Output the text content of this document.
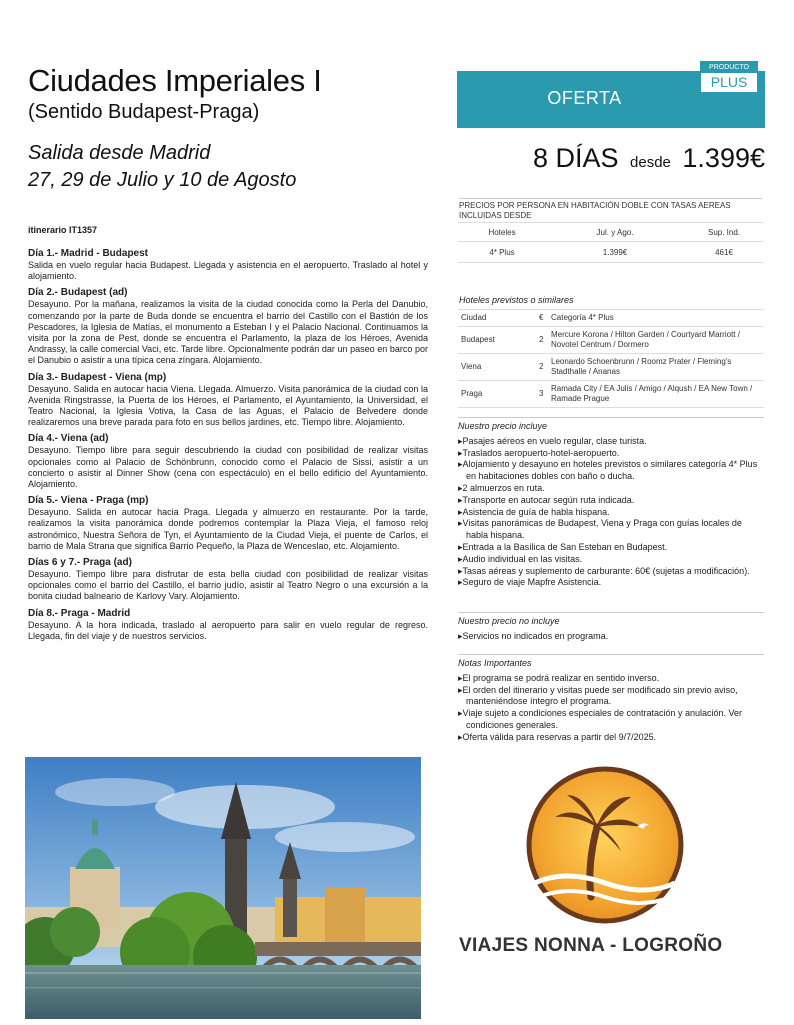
Ciudades Imperiales I
(Sentido Budapest-Praga)
Salida desde Madrid
27, 29 de Julio y 10 de Agosto
OFERTA
PRODUCTO
PLUS
8 DÍAS desde 1.399€
PRECIOS POR PERSONA EN HABITACIÓN DOBLE CON TASAS AEREAS INCLUIDAS DESDE
Hoteles	Jul. y Ago.	Sup. Ind.
4* Plus	1.399€	461€
Hoteles previstos o similares
Ciudad	€	Categoría 4* Plus
Budapest	2	Mercure Korona / Hilton Garden / Courtyard Marriott / Novotel Centrum / Dormero
Viena	2	Leonardo Schoenbrunn / Roomz Prater / Fleming's Stadthalle / Ananas
Praga	3	Ramada City / EA Julis / Amigo / Alqush / EA New Town / Ramade Prague
Nuestro precio incluye
▸Pasajes aéreos en vuelo regular, clase turista.
▸Traslados aeropuerto-hotel-aeropuerto.
▸Alojamiento y desayuno en hoteles previstos o similares categoría 4* Plus en habitaciones dobles con baño o ducha.
▸2 almuerzos en ruta.
▸Transporte en autocar según ruta indicada.
▸Asistencia de guía de habla hispana.
▸Visitas panorámicas de Budapest, Viena y Praga con guías locales de habla hispana.
▸Entrada a la Basílica de San Esteban en Budapest.
▸Audio individual en las visitas.
▸Tasas aéreas y suplemento de carburante: 60€ (sujetas a modificación).
▸Seguro de viaje Mapfre Asistencia.
Nuestro precio no incluye
▸Servicios no indicados en programa.
Notas Importantes
▸El programa se podrá realizar en sentido inverso.
▸El orden del itinerario y visitas puede ser modificado sin previo aviso, manteniéndose íntegro el programa.
▸Viaje sujeto a condiciones especiales de contratación y anulación. Ver condiciones generales.
▸Oferta válida para reservas a partir del 9/7/2025.
itinerario IT1357
Día 1.- Madrid - Budapest
Salida en vuelo regular hacia Budapest. Llegada y asistencia en el aeropuerto. Traslado al hotel y alojamiento.
Día 2.- Budapest (ad)
Desayuno. Por la mañana, realizamos la visita de la ciudad conocida como la Perla del Danubio, comenzando por la parte de Buda donde se encuentra el barrio del Castillo con el Bastión de los Pescadores, la Iglesia de Matías, el monumento a Esteban I y el Palacio Nacional. Continuamos la visita por la zona de Pest, donde se encuentra el Parlamento, la plaza de los Héroes, Avenida Andrassy, la calle comercial Vaci, etc. Tarde libre. Opcionalmente podrán dar un paseo en barco por el Danubio o asistir a una típica cena zíngara. Alojamiento.
Día 3.- Budapest - Viena (mp)
Desayuno. Salida en autocar hacia Viena. Llegada. Almuerzo. Visita panorámica de la ciudad con la Avenida Ringstrasse, la Puerta de los Héroes, el Parlamento, el Ayuntamiento, la Universidad, el Teatro Nacional, la Iglesia Votiva, la Casa de las Aguas, el Palacio de Belvedere donde realizaremos una breve parada para foto en sus bellos jardines, etc. Tiempo libre. Alojamiento.
Día 4.- Viena (ad)
Desayuno. Tiempo libre para seguir descubriendo la ciudad con posibilidad de realizar visitas opcionales como al Palacio de Schönbrunn, conocido como el Palacio de Sissi, asistir a un concierto o asistir al Dinner Show (cena con espectáculo) en el bello edificio del Ayuntamiento. Alojamiento.
Día 5.- Viena - Praga (mp)
Desayuno. Salida en autocar hacia Praga. Llegada y almuerzo en restaurante. Por la tarde, realizamos la visita panorámica donde podremos contemplar la Plaza Vieja, el famoso reloj astronómico, Nuestra Señora de Tyn, el Ayuntamiento de la Ciudad Vieja, el puente de Carlos, el barrio de Mala Strana que significa Barrio Pequeño, la Plaza de Wenceslao, etc. Alojamiento.
Días 6 y 7.- Praga (ad)
Desayuno. Tiempo libre para disfrutar de esta bella ciudad con posibilidad de realizar visitas opcionales como el barrio del Castillo, el barrio judío, asistir al Teatro Negro o una excursión a la bonita ciudad balneario de Karlovy Vary. Alojamiento.
Día 8.- Praga - Madrid
Desayuno. A la hora indicada, traslado al aeropuerto para salir en vuelo regular de regreso. Llegada, fin del viaje y de nuestros servicios.
VIAJES NONNA - LOGROÑO
